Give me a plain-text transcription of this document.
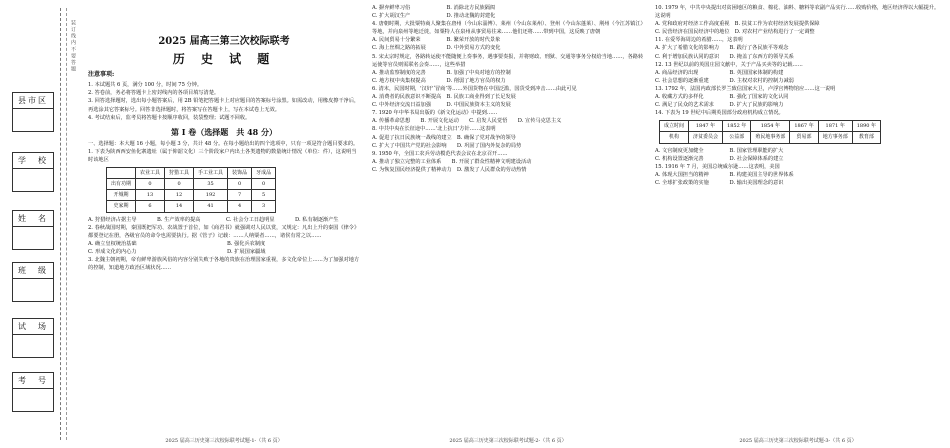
县市区
学　校
姓　名
班　级
试　场
考　号
装 订 线 内 不 要 答 题	2025 届高三第三次校际联考
历 史 试 题
注意事项:

1. 本试题共 6 页，满分 100 分，时间 75 分钟。

2. 答卷前，务必将答题卡上密封线内的各项目填写清楚。

3. 回答选择题时，选出每小题答案后，用 2B 铅笔把答题卡上对应题目的答案标号涂黑。如需改动，用橡皮擦干净后，再选涂其它答案标号。回答非选择题时，将答案写在答题卡上，写在本试卷上无效。

4. 考试结束后，监考员将答题卡按顺序收回，装袋整理；试题不回收。

第 I 卷（选择题　共 48 分）

一、选择题：本大题 16 小题，每小题 3 分，共计 48 分。在每小题给出的四个选项中，只有一项是符合题目要求的。

1. 下表为陕西西安鱼化寨遗址（属于仰韶文化）三个阶段家户内出土各类遗物的数量统计情况（单位：件），这说明当时该地区

	农业工具	狩猎工具	手工业工具	装饰品	牙成品
出有功期	0	0	35	0	0
开城期	13	12	192	7	5
史家期	6	14	41	4	3
A. 狩猎经济占据主导	B. 生产效率的提高	C. 社会分工日趋明显	D. 私有制逐渐产生

2. 春秋战国时期，秦国既把军功、农战置于首位，如《商君书》就强调对人民以赏，又规定：凡出上升的秦国《律令》都要登记在册，各级官员的命令也需要执行。据《管子》记载：……人纳粟者……，诸侯有常之以……

A. 确立皇权统治基础	B. 强化兵农制度
C. 形成文化的内心力	D. 扩展国家疆域

3. 北魏主朝初期，帝有鲜卑游族风俗的内容分别失败于各地的贵族在治理国家重视，多文化帝位上……为了加强对地方的控制，知道地方政治区域状况……

A. 摒弃鲜卑习俗　　　　　　　B. 消除北方民族隔阂

C. 扩大胡汉生产　　　　　　　D. 推动北魏的封建化

4. 唐朝时期，大批粟特商人聚集在唐州（今山东淄博）、莱州（今山东莱州）、登州（今山东蓬莱）、荆州（今江苏镇江）等地，并向泉州等地迁徙，如粟特人在泉州从事贸易往来……他们还将……带到中国，这反映了唐朝

A. 民间贸易十分繁荣　　　　　B. 繁荣开放的时代景象

C. 海上丝绸之路的拓展　　　　D. 中外贸易方式的变化

5. 宋太宗时规定，各路转运使不能随便上奏事务，遇事要奏报，并将财政、刑狱、交通等事务分权给当地……，各路转运使等官员则需联名会奏……，这些举措

A. 推动监察制度的完善　　　　B. 加强了中央对地方的控制

C. 地方权中央集权提高　　　　D. 削弱了地方官员的权力

6. 清末，民国时期，'汉奸'‘冒商’等……外国货物在中国泛滥，国货受到冲击……由此可见

A. 消费者的民族意识不断提高　B. 民族工商业得到了长足发展

C. 中外经济交流日益加强　　　D. 中国民族资本主义的发展

7. 1920 年中华书局出版的《新文化运动》中提到……

A. 传播革命思想　　B. 开展文化运动　　C. 启发人民觉悟　　D. 宣传马克思主义

8. 中共中央在长征途中……'北上抗日'方针……这表明

A. 促进了抗日民族统一战线的建立　B. 确保了党对战争的领导

C. 扩大了中国共产党的社会影响　　D. 巩固了国内外复杂的局势

9. 1950 年，全国工农兵劳动模范代表会议在北京召开……

A. 推动了独立完整的工业体系　　B. 开展了群众性精神文明建设活动

C. 为恢复国民经济提供了精神动力　D. 激发了人民群众的劳动热情

10. 1979 年，中共中央提出对贫困地区的粮食、棉花、油料、糖料等农副产品实行……收购价格，地区经济得以大幅提升。这说明

A. 党和政府对经济工作高度重视　B. 扶贫工作为农村经济发展提供保障

C. 民营经济在国民经济中的地位　D. 对农村产业结构进行了一定调整

11. 在爱琴海周边的希腊……，这表明

A. 扩大了希腊文化的影响力　　B. 践行了各民族平等观念

C. 利于增加民族认同的意识　　D. 掩盖了东西方的领导关系

12. 13 世纪以前的英国庄园文献中，关于产品买卖等的记载……

A. 商品经济的出现　　　　　　B. 英国国家体制的构建

C. 社会思想的逐渐重建　　　　D. 主权对农村的控制力减弱

13. 1792 年，法国内政部长罗兰致信国家大卫，卢浮宫博物馆应……这一说明

A. 收藏方式的多样化　　　　　B. 强化了国家的文化认同

C. 满足了民众的艺术需求　　　D. 扩大了民族的影响力

14. 下表为 19 世纪中后期英国部分政府机构成立情况。

成立时间	1847 年	1852 年	1854 年	1867 年	1871 年	1890 年
机构	济贫委员会	公益部	殖民地事务部	贸易部	地方事务部	教育部

A. 文官制度更加健全　　　　　B. 国家管理职能的扩大

C. 机构设置逐渐完善　　　　　D. 社会保障体系的建立

15. 1916 年 7 月，美国总统威尔逊……这表明，美国

A. 体现大国担当的精神　　　　B. 构建美国主导的世界体系

C. 全球扩张政策的实施　　　　D. 输出美国理念的意识

2025 届高三历史第三次校际联考试题-1-（共 6 页）	2025 届高三历史第三次校际联考试题-2-（共 6 页）	2025 届高三历史第三次校际联考试题-3-（共 6 页）
